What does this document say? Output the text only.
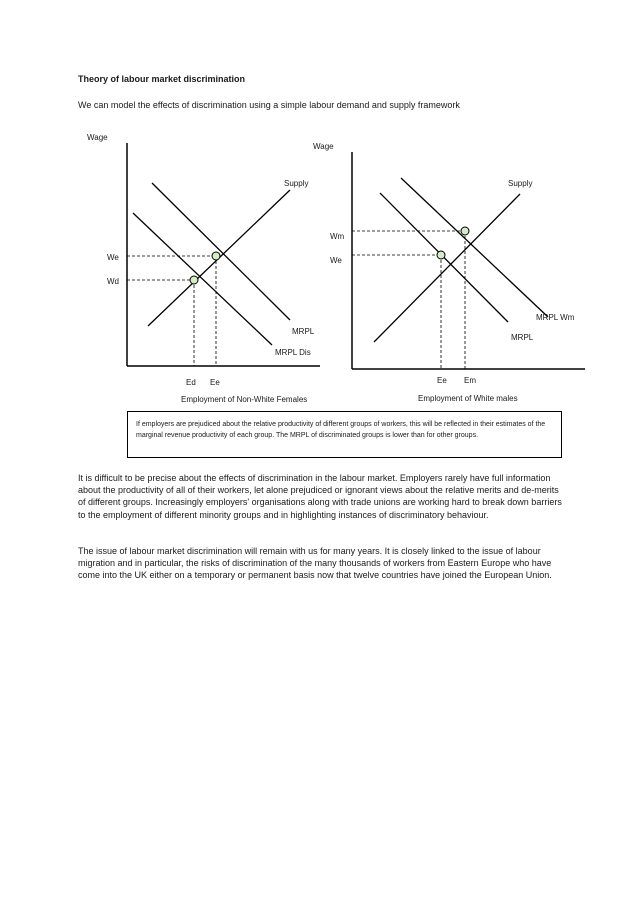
Theory of labour market discrimination
We can model the effects of discrimination using a simple labour demand and supply framework
Wage
Supply
MRPL
MRPL Dis
We
Wd
Ed Ee
Employment of Non-White Females
Wage
Supply
MRPL
MRPL Wm
Wm
We
Ee Em
Employment of White males
If employers are prejudiced about the relative productivity of different groups of workers, this will be reflected in their estimates of the marginal revenue productivity of each group. The MRPL of discriminated groups is lower than for other groups.

It is difficult to be precise about the effects of discrimination in the labour market. Employers rarely have full information about the productivity of all of their workers, let alone prejudiced or ignorant views about the relative merits and de-merits of different groups. Increasingly employers' organisations along with trade unions are working hard to break down barriers to the employment of different minority groups and in highlighting instances of discriminatory behaviour.

The issue of labour market discrimination will remain with us for many years. It is closely linked to the issue of labour migration and in particular, the risks of discrimination of the many thousands of workers from Eastern Europe who have come into the UK either on a temporary or permanent basis now that twelve countries have joined the European Union.
